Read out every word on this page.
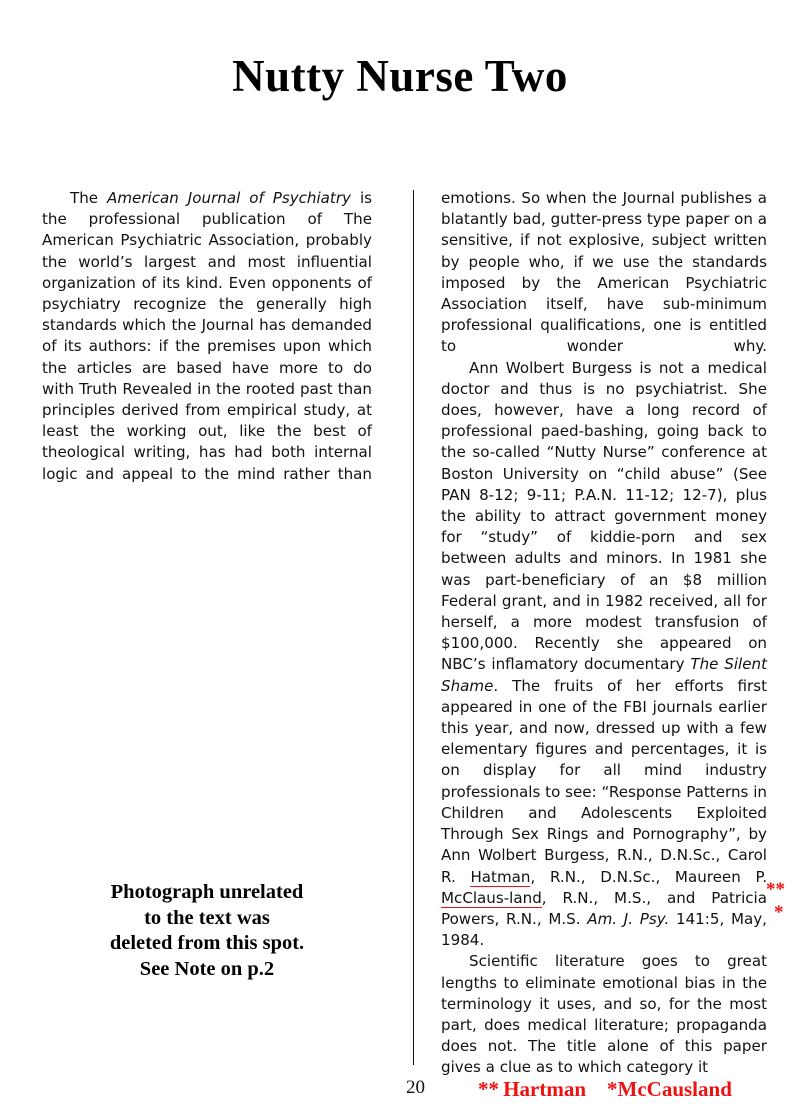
Nutty Nurse Two

The American Journal of Psychiatry is the professional publication of The American Psychiatric Association, probably the world’s largest and most influential organization of its kind. Even opponents of psychiatry recognize the generally high standards which the Journal has demanded of its authors: if the premises upon which the articles are based have more to do with Truth Revealed in the rooted past than principles derived from empirical study, at least the working out, like the best of theological writing, has had both internal logic and appeal to the mind rather than

Photograph unrelated
to the text was
deleted from this spot.
See Note on p.2

emotions. So when the Journal publishes a blatantly bad, gutter-press type paper on a sensitive, if not explosive, subject written by people who, if we use the standards imposed by the American Psychiatric Association itself, have sub-minimum professional qualifications, one is entitled to wonder why.

Ann Wolbert Burgess is not a medical doctor and thus is no psychiatrist. She does, however, have a long record of professional paed-bashing, going back to the so-called “Nutty Nurse” conference at Boston University on “child abuse” (See PAN 8-12; 9-11; P.A.N. 11-12; 12-7), plus the ability to attract government money for “study” of kiddie-porn and sex between adults and minors. In 1981 she was part-beneficiary of an $8 million Federal grant, and in 1982 received, all for herself, a more modest transfusion of $100,000. Recently she appeared on NBC’s inflamatory documentary The Silent Shame. The fruits of her efforts first appeared in one of the FBI journals earlier this year, and now, dressed up with a few elementary figures and percentages, it is on display for all mind industry professionals to see: “Response Patterns in Children and Adolescents Exploited Through Sex Rings and Pornography”, by Ann Wolbert Burgess, R.N., D.N.Sc., Carol R. Hatman, R.N., D.N.Sc., Maureen P. McClaus-land, R.N., M.S., and Patricia Powers, R.N., M.S. Am. J. Psy. 141:5, May, 1984.

Scientific literature goes to great lengths to eliminate emotional bias in the terminology it uses, and so, for the most part, does medical literature; propaganda does not. The title alone of this paper gives a clue as to which category it

**
*
20	** Hartman    *McCausland
